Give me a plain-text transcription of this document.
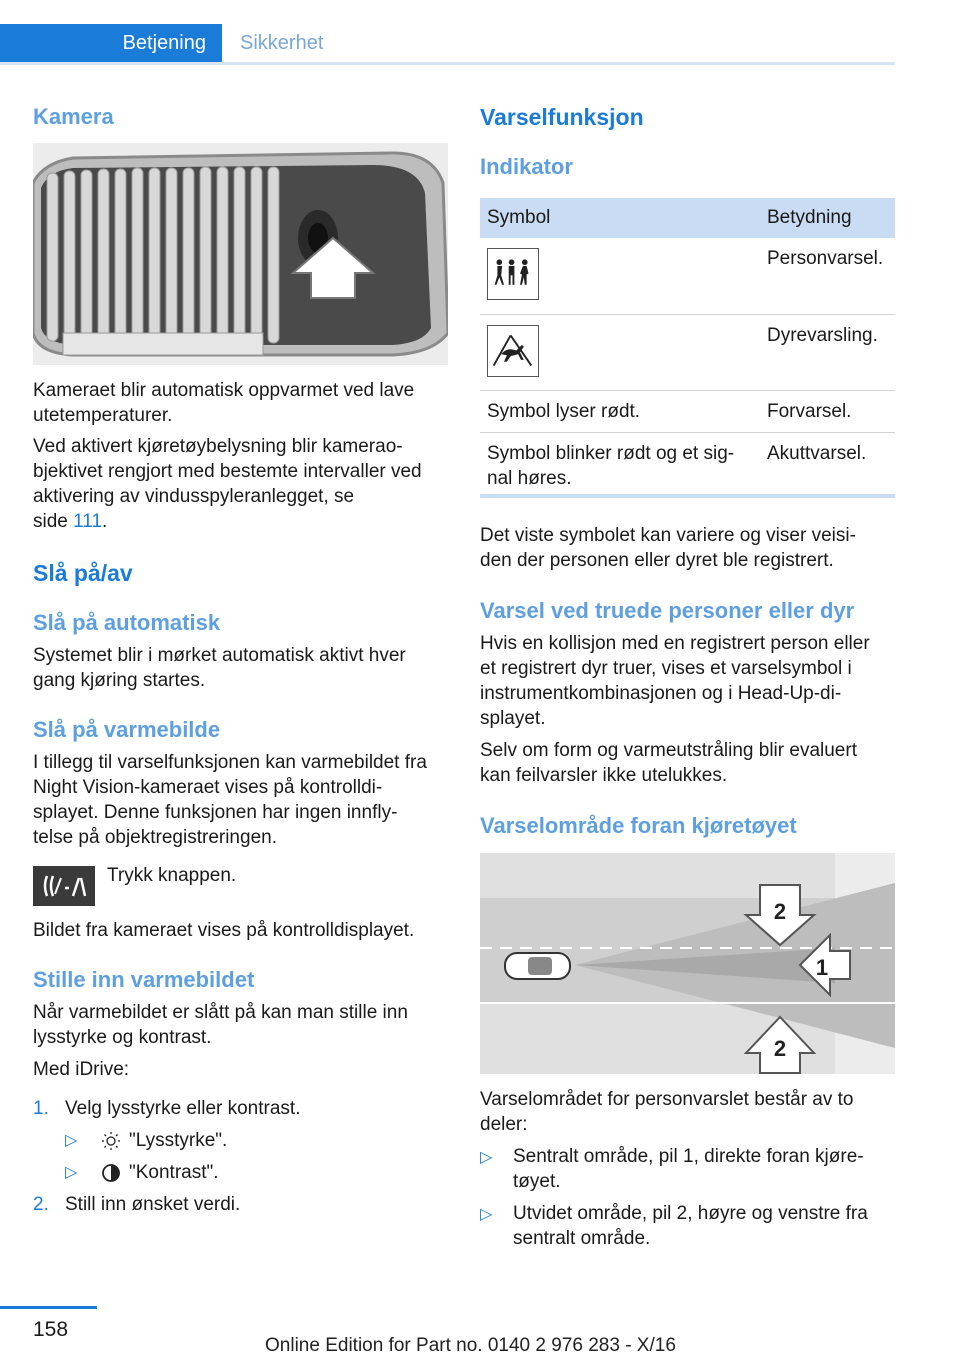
Betjening	Sikkerhet
Kamera

Kameraet blir automatisk oppvarmet ved lave utetemperaturer.

Ved aktivert kjøretøybelysning blir kamerao-

bjektivet rengjort med bestemte intervaller ved

aktivering av vindusspyleranlegget, se

side 111.

Slå på/av
Slå på automatisk

Systemet blir i mørket automatisk aktivt hver

gang kjøring startes.

Slå på varmebilde

I tillegg til varselfunksjonen kan varmebildet fra

Night Vision-kameraet vises på kontrolldi-

splayet. Denne funksjonen har ingen innfly-

telse på objektregistreringen.

Trykk knappen.

Bildet fra kameraet vises på kontrolldisplayet.

Stille inn varmebildet

Når varmebildet er slått på kan man stille inn

lysstyrke og kontrast.

Med iDrive:

1. Velg lysstyrke eller kontrast.

▷	"Lysstyrke".

▷	"Kontrast".

2. Still inn ønsket verdi.

Varselfunksjon
Indikator
Symbol	Betydning

	Personvarsel.

	Dyrevarsling.
Symbol lyser rødt.	Forvarsel.

Symbol blinker rødt og et sig-
nal høres.	Akuttvarsel.

Det viste symbolet kan variere og viser veisi-

den der personen eller dyret ble registrert.

Varsel ved truede personer eller dyr

Hvis en kollisjon med en registrert person eller

et registrert dyr truer, vises et varselsymbol i

instrumentkombinasjonen og i Head-Up-di-

splayet.

Selv om form og varmeutstråling blir evaluert

kan feilvarsler ikke utelukkes.

Varselområde foran kjøretøyet
2
1
2

Varselområdet for personvarslet består av to

deler:

▷ Sentralt område, pil 1, direkte foran kjøre-

tøyet.

▷ Utvidet område, pil 2, høyre og venstre fra

sentralt område.

158
Online Edition for Part no. 0140 2 976 283 - X/16
